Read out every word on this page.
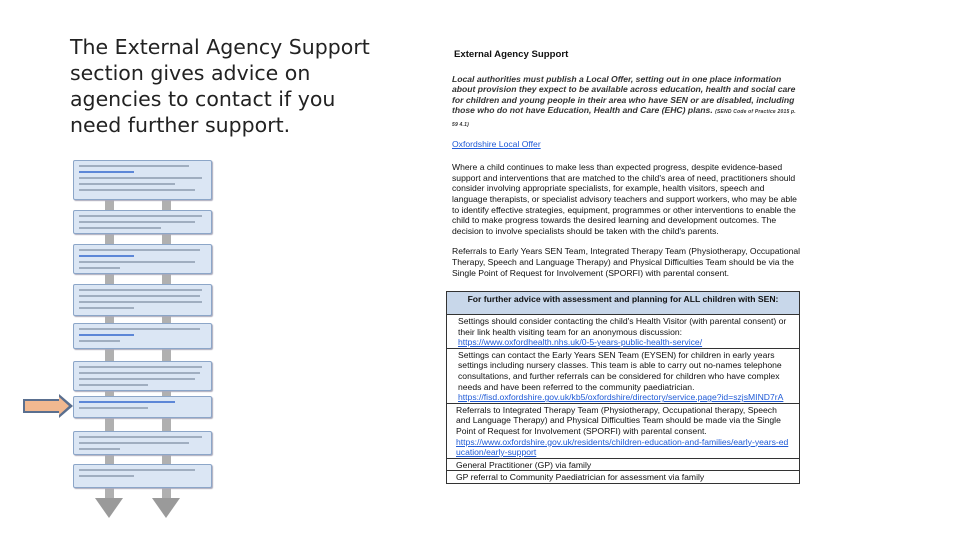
The External Agency Support section gives advice on agencies to contact if you need further support.
External Agency Support
Local authorities must publish a Local Offer, setting out in one place information about provision they expect to be available across education, health and social care for children and young people in their area who have SEN or are disabled, including those who do not have Education, Health and Care (EHC) plans. (SEND Code of Practice 2015 p. 59 4.1)
Oxfordshire Local Offer
Where a child continues to make less than expected progress, despite evidence-based support and interventions that are matched to the child's area of need, practitioners should consider involving appropriate specialists, for example, health visitors, speech and language therapists, or specialist advisory teachers and support workers, who may be able to identify effective strategies, equipment, programmes or other interventions to enable the child to make progress towards the desired learning and development outcomes. The decision to involve specialists should be taken with the child's parents.
Referrals to Early Years SEN Team, Integrated Therapy Team (Physiotherapy, Occupational Therapy, Speech and Language Therapy) and Physical Difficulties Team should be via the Single Point of Request for Involvement (SPORFI) with parental consent.
For further advice with assessment and planning for ALL children with SEN:
Settings should consider contacting the child's Health Visitor (with parental consent) or their link health visiting team for an anonymous discussion:
https://www.oxfordhealth.nhs.uk/0-5-years-public-health-service/
Settings can contact the Early Years SEN Team (EYSEN) for children in early years settings including nursery classes. This team is able to carry out no-names telephone consultations, and further referrals can be considered for children who have complex needs and have been referred to the community paediatrician.
https://fisd.oxfordshire.gov.uk/kb5/oxfordshire/directory/service.page?id=szjsMIND7rA
Referrals to Integrated Therapy Team (Physiotherapy, Occupational therapy, Speech and Language Therapy) and Physical Difficulties Team should be made via the Single Point of Request for Involvement (SPORFI) with parental consent.
https://www.oxfordshire.gov.uk/residents/children-education-and-families/early-years-education/early-support
General Practitioner (GP) via family
GP referral to Community Paediatrician for assessment via family
